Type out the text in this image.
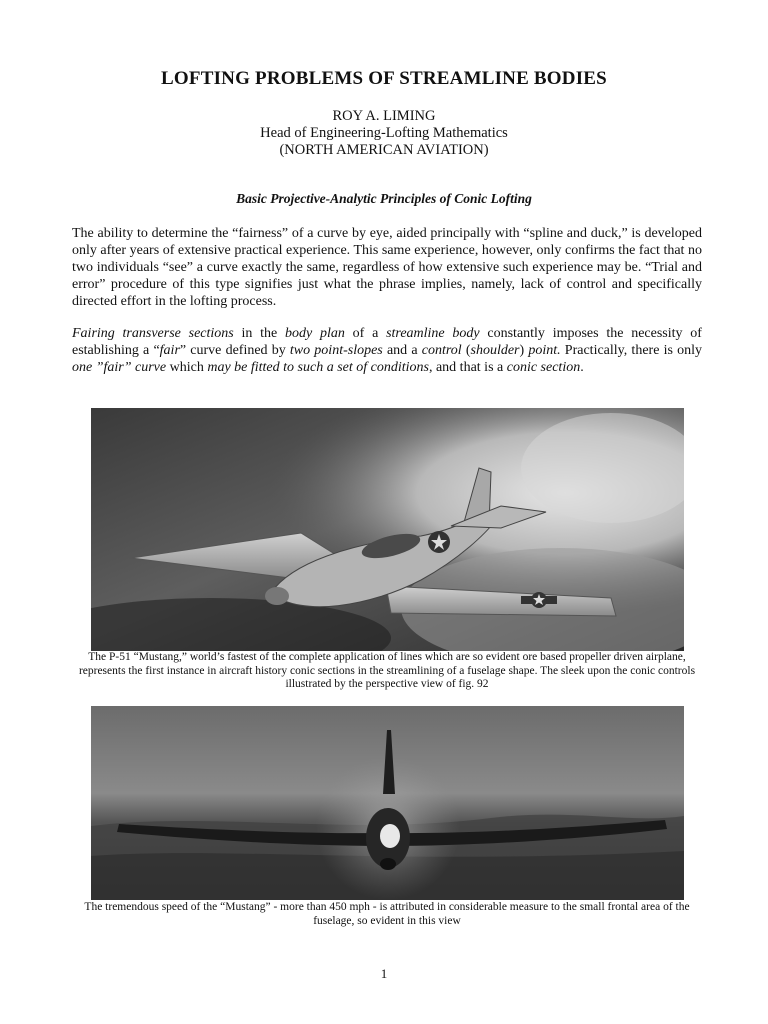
LOFTING PROBLEMS OF STREAMLINE BODIES
ROY A. LIMING
Head of Engineering-Lofting Mathematics
(NORTH AMERICAN AVIATION)
Basic Projective-Analytic Principles of Conic Lofting
The ability to determine the “fairness” of a curve by eye, aided principally with “spline and duck,” is developed only after years of extensive practical experience. This same experience, however, only confirms the fact that no two individuals “see” a curve exactly the same, regardless of how extensive such experience may be. “Trial and error” procedure of this type signifies just what the phrase implies, namely, lack of control and specifically directed effort in the lofting process.
Fairing transverse sections in the body plan of a streamline body constantly imposes the necessity of establishing a “fair” curve defined by two point-slopes and a control (shoulder) point. Practically, there is only one ”fair” curve which may be fitted to such a set of conditions, and that is a conic section.
The P-51 “Mustang,” world’s fastest of the complete application of lines which are so evident ore based propeller driven airplane, represents the first instance in aircraft history conic sections in the streamlining of a fuselage shape. The sleek upon the conic controls illustrated by the perspective view of fig. 92
The tremendous speed of the “Mustang” - more than 450 mph - is attributed in considerable measure to the small frontal area of the fuselage, so evident in this view
1
